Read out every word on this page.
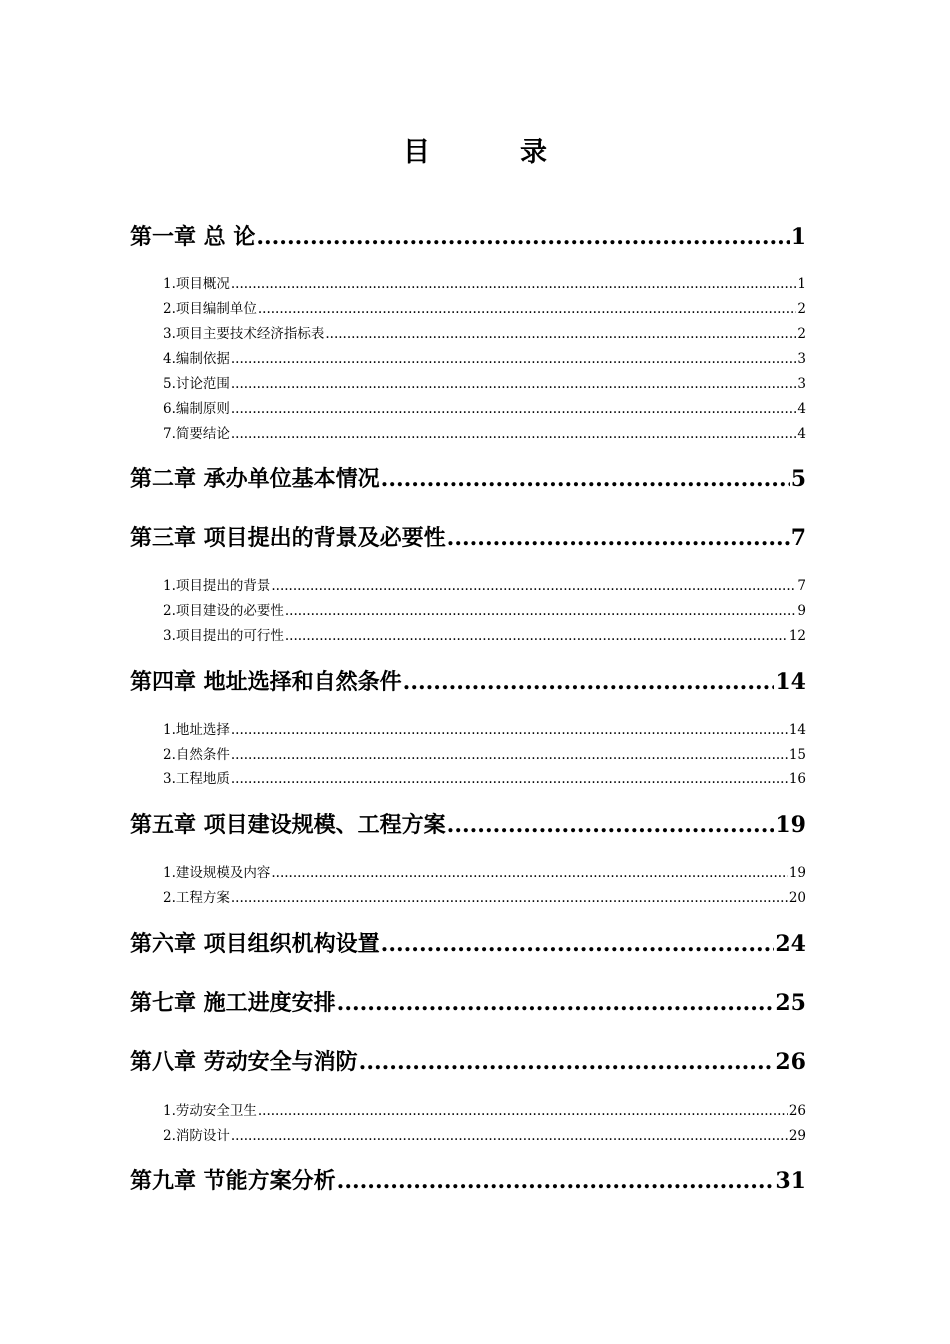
目	录
第一章 总 论 .....	1
1.项目概况 .....	1
2.项目编制单位 .....	2
3.项目主要技术经济指标表 .....	2
4.编制依据 .....	3
5.讨论范围 .....	3
6.编制原则 .....	4
7.简要结论 .....	4
第二章 承办单位基本情况 .....	5
第三章 项目提出的背景及必要性 .....	7
1.项目提出的背景 .....	7
2.项目建设的必要性 .....	9
3.项目提出的可行性 .....	12
第四章 地址选择和自然条件 .....	14
1.地址选择 .....	14
2.自然条件 .....	15
3.工程地质 .....	16
第五章 项目建设规模、工程方案 .....	19
1.建设规模及内容 .....	19
2.工程方案 .....	20
第六章 项目组织机构设置 .....	24
第七章 施工进度安排 .....	25
第八章 劳动安全与消防 .....	26
1.劳动安全卫生 .....	26
2.消防设计 .....	29
第九章 节能方案分析 .....	31
